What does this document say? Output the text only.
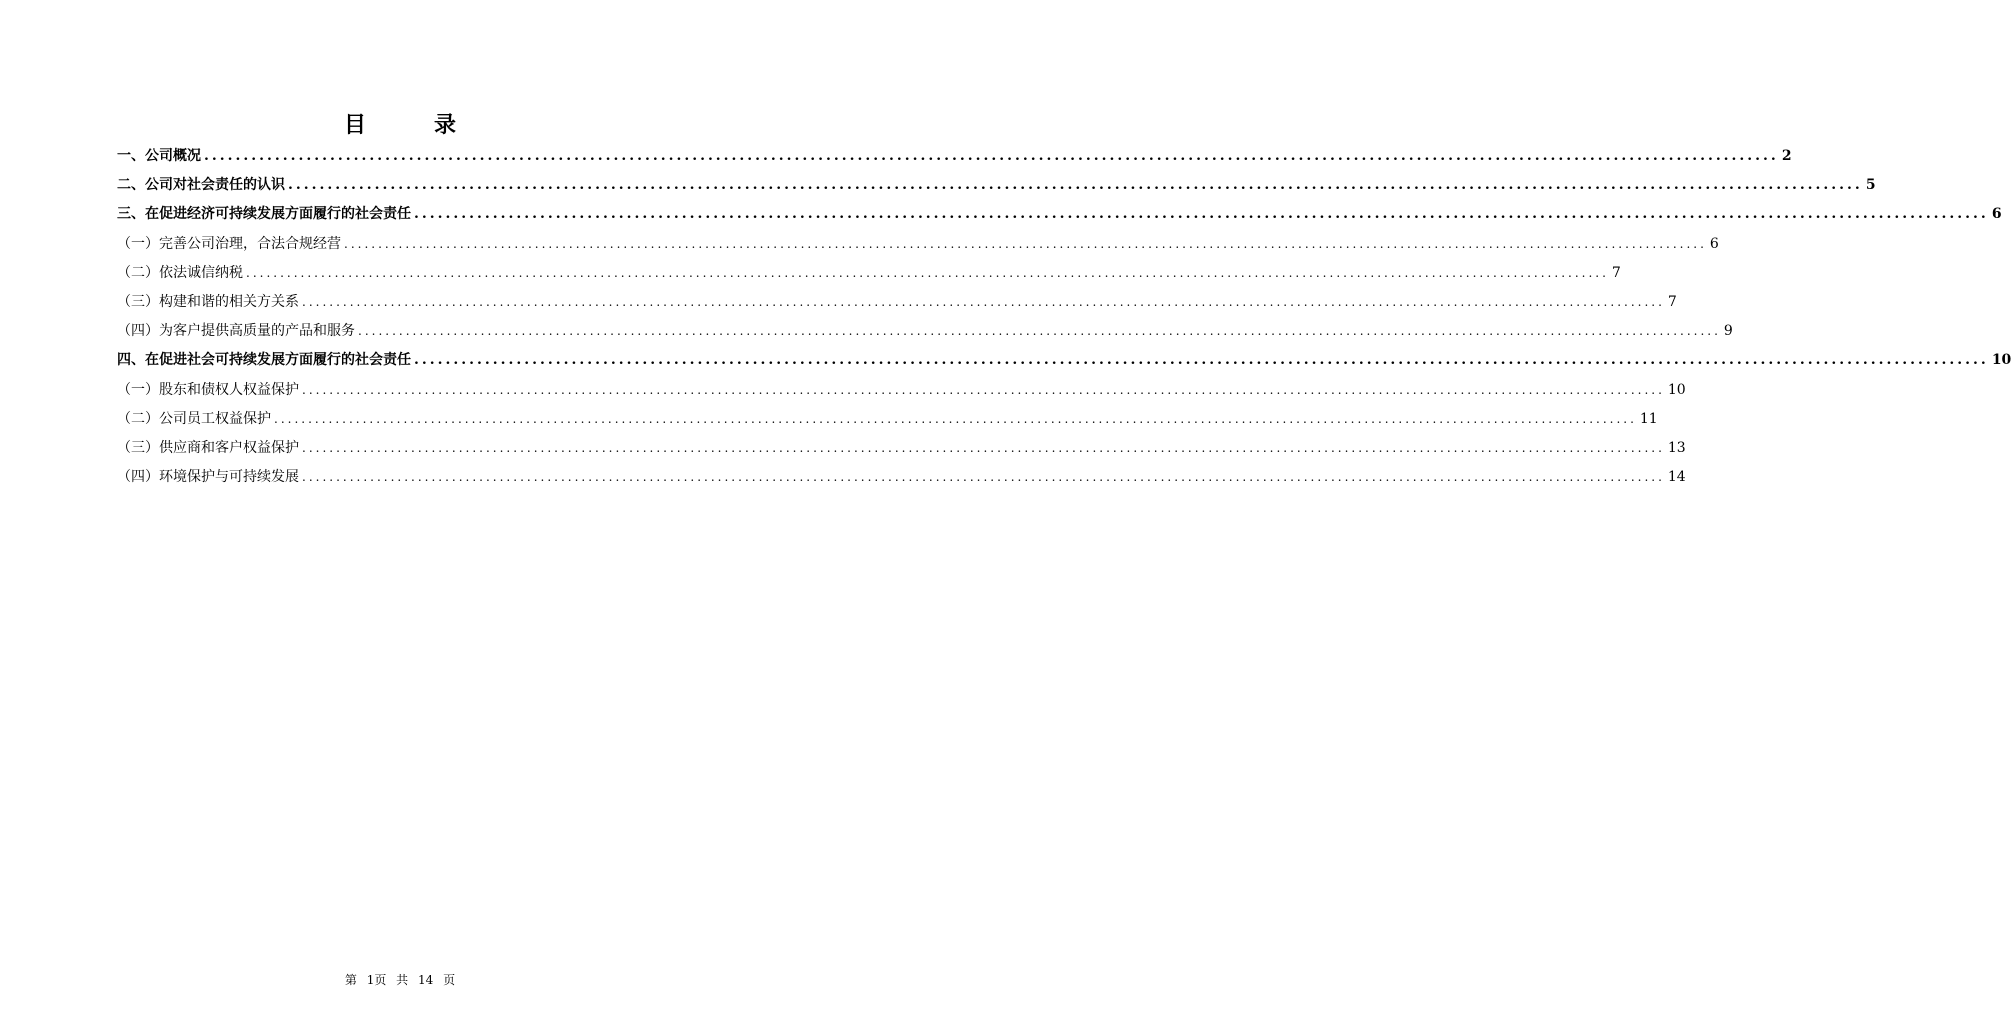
目录
一、公司概况 ........................................................................................................................................................................................................ 2
二、公司对社会责任的认识 ........................................................................................................................................................................................................ 5
三、在促进经济可持续发展方面履行的社会责任 ........................................................................................................................................................................................................ 6
（一）完善公司治理，合法合规经营 ........................................................................................................................................................................................................ 6
（二）依法诚信纳税 ........................................................................................................................................................................................................ 7
（三）构建和谐的相关方关系 ........................................................................................................................................................................................................ 7
（四）为客户提供高质量的产品和服务 ........................................................................................................................................................................................................ 9
四、在促进社会可持续发展方面履行的社会责任 ........................................................................................................................................................................................................ 10
（一）股东和债权人权益保护 ........................................................................................................................................................................................................ 10
（二）公司员工权益保护 ........................................................................................................................................................................................................ 11
（三）供应商和客户权益保护 ........................................................................................................................................................................................................ 13
（四）环境保护与可持续发展 ........................................................................................................................................................................................................ 14
第 1页 共 14 页
